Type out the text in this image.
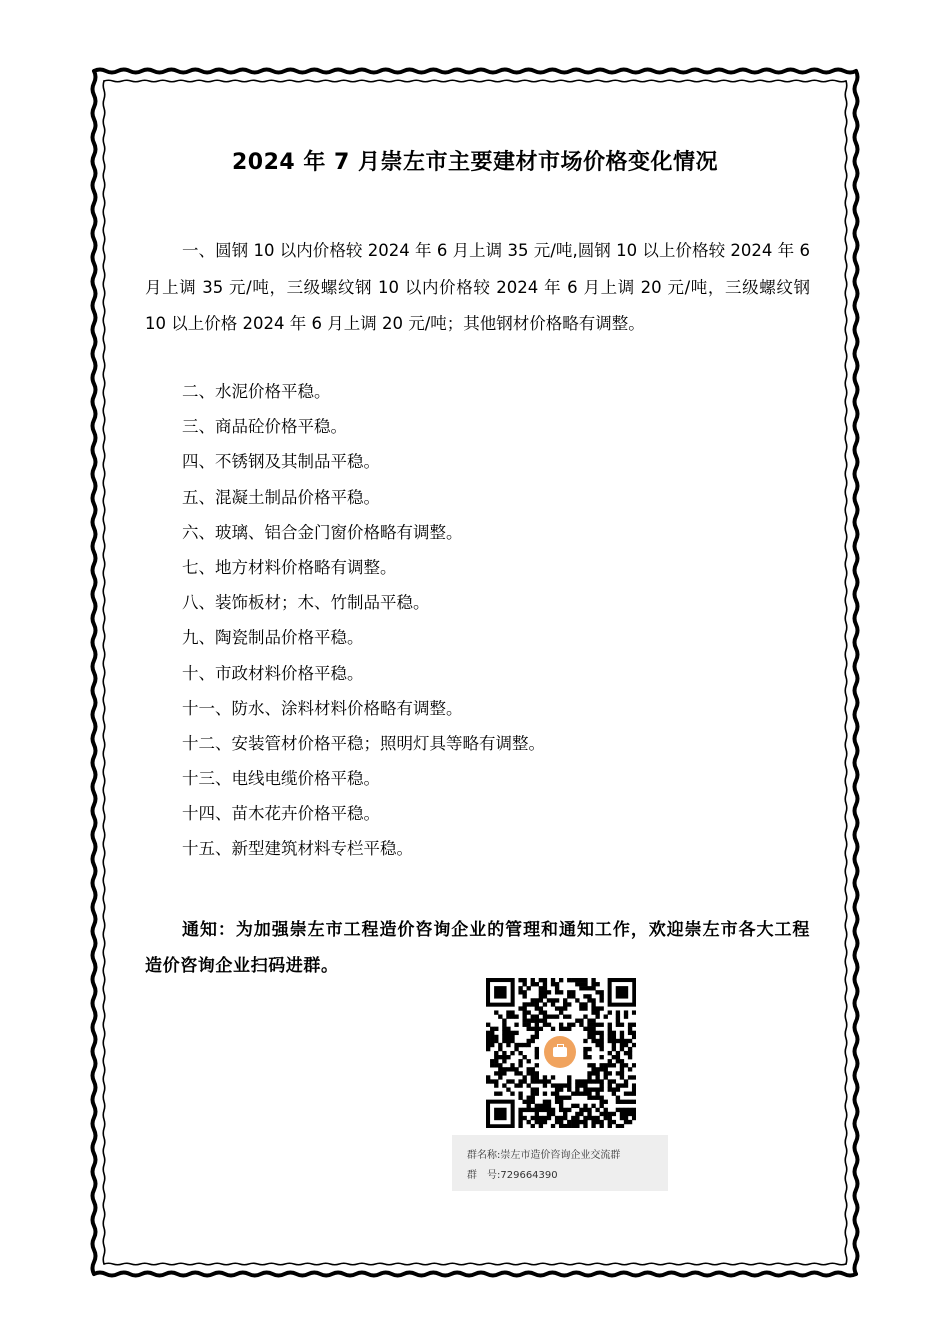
2024 年 7 月崇左市主要建材市场价格变化情况
一、圆钢 10 以内价格较 2024 年 6 月上调 35 元/吨,圆钢 10 以上价格较 2024 年 6 月上调 35 元/吨，三级螺纹钢 10 以内价格较 2024 年 6 月上调 20 元/吨，三级螺纹钢 10 以上价格 2024 年 6 月上调 20 元/吨；其他钢材价格略有调整。
二、水泥价格平稳。
三、商品砼价格平稳。
四、不锈钢及其制品平稳。
五、混凝土制品价格平稳。
六、玻璃、铝合金门窗价格略有调整。
七、地方材料价格略有调整。
八、装饰板材；木、竹制品平稳。
九、陶瓷制品价格平稳。
十、市政材料价格平稳。
十一、防水、涂料材料价格略有调整。
十二、安装管材价格平稳；照明灯具等略有调整。
十三、电线电缆价格平稳。
十四、苗木花卉价格平稳。
十五、新型建筑材料专栏平稳。
通知：为加强崇左市工程造价咨询企业的管理和通知工作，欢迎崇左市各大工程造价咨询企业扫码进群。
群名称:崇左市造价咨询企业交流群
群　号:729664390
